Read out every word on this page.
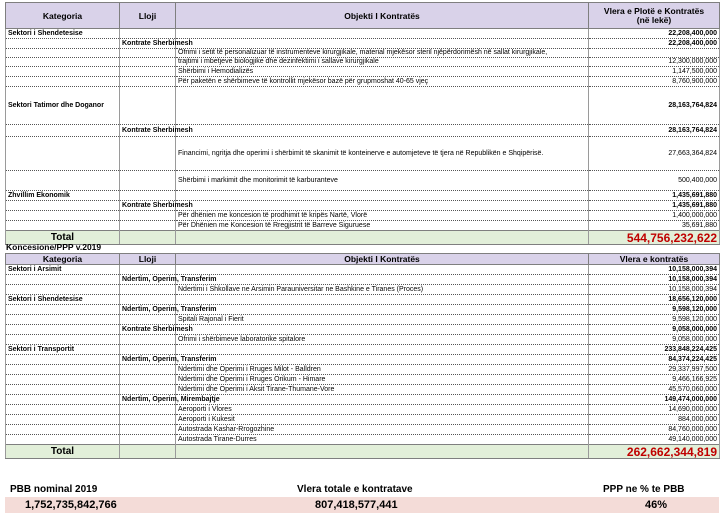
Kategoria	Lloji	Objekti I Kontratës	Vlera e Plotë e Kontratës
(në lekë)

Sektori i Shendetesise			22,208,400,000
	Kontrate Sherbimesh		22,208,400,000
		Ofrimi i setit të personalizuar të instrumenteve kirurgjikale, material mjekësor steril njëpërdorimësh në sallat kirurgjikale,	
		trajtimi i mbetjeve biologjike dhe dezinfektimi i sallave kirurgjikale	12,300,000,000
		Shërbimi i Hemodializës	1,147,500,000
		Për paketën e shërbimeve të kontrollit mjekësor bazë për grupmoshat 40-65 vjeç	8,760,900,000
Sektori Tatimor dhe Doganor			28,163,764,824
	Kontrate Sherbimesh		28,163,764,824
		Financimi, ngritja dhe operimi i shërbimit të skanimit të konteinerve e automjeteve të tjera në Republikën e Shqipërisë.	27,663,364,824
		Shërbimi i markimit dhe monitorimit të karburanteve	500,400,000
Zhvillim Ekonomik			1,435,691,880
	Kontrate Sherbimesh		1,435,691,880
		Për dhënien me koncesion të prodhimit të kripës Nartë, Vlorë	1,400,000,000
		Për Dhënien me Koncesion të Rregjistrit të Barreve Siguruese	35,691,880
Total			544,756,232,622
Koncesione/PPP v.2019
Kategoria	Lloji	Objekti I Kontratës	Vlera e kontratës
Sektori i Arsimit			10,158,000,394
	Ndertim, Operim, Transferim		10,158,000,394
		Ndertimi i Shkollave ne Arsimin Parauniversitar ne Bashkine e Tiranes (Proces)	10,158,000,394
Sektori i Shendetesise			18,656,120,000
	Ndertim, Operim, Transferim		9,598,120,000
		Spitali Rajonal i Fierit	9,598,120,000
	Kontrate Sherbimesh		9,058,000,000
		Ofrimi i shërbimeve laboratorike spitalore	9,058,000,000
Sektori i Transportit			233,848,224,425
	Ndertim, Operim, Transferim		84,374,224,425
		Ndertimi dhe Operimi i Rruges Milot - Balldren	29,337,997,500
		Ndertimi dhe Operimi i Rruges Orikum - Himare	9,466,166,925
		Ndertimi dhe Operimi i Aksit Tirane-Thumane-Vore	45,570,060,000
	Ndertim, Operim, Mirembajtje		149,474,000,000
		Aeroporti i Vlores	14,690,000,000
		Aeroporti i Kukesit	884,000,000
		Autostrada Kashar-Rrogozhine	84,760,000,000
		Autostrada Tirane-Durres	49,140,000,000
Total			262,662,344,819
PBB nominal 2019	Vlera totale e kontratave	PPP ne % te PBB
1,752,735,842,766	807,418,577,441	46%
